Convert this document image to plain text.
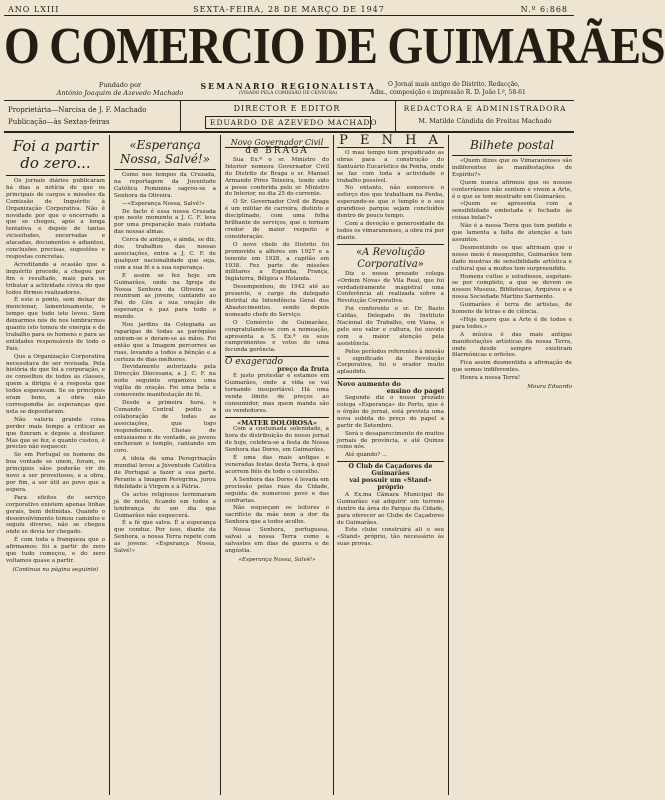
ANO LXIII	SEXTA-FEIRA, 28 DE MARÇO DE 1947	N.º 6:868
O COMERCIO DE GUIMARÃES
Fundado por
António Joaquim de Azevedo Machado
SEMANARIO REGIONALISTA
(VISADO PELA COMISSÃO DE CENSURA)
O Jornal mais antigo do Distrito. Redacção,
Adm., composição e impressão R. D. João I.º, 58-61
Proprietária—Narcisa de J. F. Machado
Publicação—às Sextas-feiras
DIRECTOR E EDITOR
EDUARDO DE AZEVEDO MACHADO
REDACTORA E ADMINISTRADORA
M. Matilde Cândida de Freitas Machado
Foi a partir
do zero...

Os jornais diários publicaram há dias a notícia de que os principais de cargos e missões da Comissão de Inquérito à Organização Corporativa. Não é novidade por que o encerrado a que se chegou, após a longa tentativa e depois de tantas vicissitudes, encerradas e atacadas, documentos e adiantou, conclusões precisas, sugestões e respostas concretas.

Acreditando a ocasião que a inquérito procede, a chegou por fim o resultado, mais para se tributar a actividade cívica do que todos fôrmos realizadores.

É este o ponto, sem deixar de mencionar, lamentosamente, o tempo que tudo isto levou. Sem deixarmos nós de nos lembrarmos quanto isto tomou de energia e de trabalho para os homens e para as entidades responsáveis de todo o País.

Que a Organização Corporativa necessitava de ser revisada. Pela história do que foi a corporação, e os conselhos de todos as classes, quem a dirigia é a resposta que todos esperavam. Se os princípios eram bons, a obra não correspondia às esperanças que nela se depositaram.

Não valeria grande coisa perder mais tempo a criticar as que fizeram e depois a desfazer. Mas que se fez, e quanto custou, é preciso não esquecer.

Se em Portugal os homens de boa vontade se unem, foram, os princípios sãos poderão vir de novo a ser proveitosos, e a obra, por fim, a ser útil ao povo que a espera.

Para efeitos de serviço corporativo existem apenas linhas gerais, bem definidas. Quando o desenvolvimento tomou caminho e seguiu diverso, não se chegou onde se devia ter chegado.

É com toda a franqueza que o afirmamos: foi a partir do zero que tudo começou, e do zero voltamos quase a partir.

(Continua na página seguinte)
«Esperança Nossa, Salvé!»

Como nos tempos da Cruzada, na reportagem da Juventude Católica Feminina sagrou-se a Senhora da Oliveira.

—«Esperança Nossa, Salvé!»

De facto é essa nossa Cruzada que neste momento a J. C. F. leva por uma preparação mais cuidada das nossas almas.

Cerca de antigos, e ainda, se diz, dos trabalhos das nossas associações, entra a J. C. F. de qualquer nacionalidade que seja, com a sua fé e a sua esperança.

E assim se fez hoje em Guimarães, onde na Igreja de Nossa Senhora da Oliveira se reuniram as jovens, cantando ao Pai do Céu a sua oração de esperança e paz para todo o mundo.

Nos jardins da Colegiada as raparigas de todas as paróquias uniram-se e deram-se as mãos. Foi então que a Imagem percorreu as ruas, levando a todos a bênção e a certeza de dias melhores.

Devidamente autorizada pela Direcção Diocesana, a J. C. F. na noite seguinte organizou uma vigília de oração. Foi uma bela e comovente manifestação de fé.

Desde a primeira hora, o Comando Central pediu a colaboração de todas as associações, que logo responderam. Cheias de entusiasmo e de vontade, as jovens encheram o templo, cantando em coro.

A ideia de uma Peregrinação mundial levou a Juventude Católica de Portugal a fazer a sua parte. Perante a Imagem Peregrina, jurou fidelidade à Virgem e à Pátria.

Os actos religiosos terminaram já de noite, ficando em todos a lembrança de um dia que Guimarães não esquecerá.

É a fé que salva. É a esperança que conduz. Por isso, diante da Senhora, a nossa Terra repete com as jovens: «Esperança Nossa, Salvé!»

Novo Governador Civil
de BRAGA

Sua Ex.ª o sr. Ministro do Interior nomeou Governador Civil do Distrito de Braga o sr. Manuel Armando Pires Teixeira, tendo sido a posse conferida pelo sr. Ministro do Interior, no dia 25 do corrente.

O Sr. Governador Civil de Braga é um militar de carreira, distinto e disciplinado, com uma folha brilhante de serviços, que o tornam credor do maior respeito e consideração.

O novo chefe do Distrito foi promovido a alferes em 1927 e a tenente em 1928, a capitão em 1938. Fez parte de missões militares a Espanha, França, Inglaterra, Bélgica e Holanda.

Desempenhou, de 1942 até ao presente, o cargo de delegado distrital da Intendência Geral dos Abastecimentos, sendo depois nomeado chefe do Serviço.

O Comércio de Guimarães, congratulando-se com a nomeação, apresenta a S. Ex.ª os seus cumprimentos e votos de uma fecunda gerência.

O exagerado
preço da fruta

É justo protestar e estamos em Guimarães, onde a vida se vai tornando insuportável. Há uma venda limite de preços ao consumidor, mas quem manda são os vendedores.

«MATER DOLOROSA»

Com a costumada solenidade, a hora de distribuição do nosso jornal de hoje, celebra-se a festa de Nossa Senhora das Dores, em Guimarães.

É uma das mais antigas e veneradas festas desta Terra, à qual acorrem fiéis de todo o concelho.

A Senhora das Dores é levada em procissão pelas ruas da Cidade, seguida de numeroso povo e das confrarias.

Não esqueçam os leitores o sacrifício da mãe nem a dor da Senhora que a todos acolhe.

Nossa Senhora, portuguesa, salvai a nossa Terra como a salvastes em dias de guerra e de angústia.

«Esperança Nossa, Salvé!»
P E N H A

O mau tempo tem prejudicado as obras para a construção do Santuário Eucarístico da Penha, onde se faz com toda a actividade o trabalho possível.

No entanto, não esmorece o esforço dos que trabalham na Penha, esperando-se que o templo e o seu grandioso parque sejam concluídos dentro de pouco tempo.

Com a devoção e generosidade de todos os vimaranenses, a obra irá por diante.

«A Revolução Corporativa»

Diz o nosso prezado colega «Ordem Nova» de Vila Real, que foi verdadeiramente magistral uma Conferência ali realizada sobre a Revolução Corporativa.

Foi conferente o sr. Dr. Basto Caldas, Delegado do Instituto Nacional do Trabalho, em Viana, e pelo seu valor e cultura, foi ouvido com a maior atenção pela assistência.

Pelos períodos referentes à missão e significado da Revolução Corporativa, foi o orador muito aplaudido.

Novo aumento do
ensino do pagel

Segundo diz o nosso prezado colega «Esperança» do Porto, que é o órgão do jornal, está prevista uma nova subida do preço do papel a partir de Setembro.

Será o desaparecimento de muitos jornais de província, e até Quinze como nós.

Até quando? ...

O Club de Caçadores de Guimarães
vai possuir um «Stand» próprio

A Ex.ma Câmara Municipal de Guimarães vai adquirir um terreno dentro da área do Parque da Cidade, para oferecer ao Clube de Caçadores de Guimarães.

Este clube construirá ali o seu «Stand» próprio, tão necessário às suas provas.

Bilhete postal

«Quem dizes que os Vimaranenses são indiferentes às manifestações de Espírito?»

Quem nunca afirmou que os nossos conterrâneos não sentem e vivem a Arte, é o que se tem mostrado em Guimarães.

«Quem se apresenta com a sensibilidade embotada e fechado às coisas belas?»

Não é a nossa Terra que tem pedido e que lamenta a falta de atenção a tais assuntos.

Desmentindo os que afirmam que o nosso meio é mesquinho, Guimarães tem dado mostras de sensibilidade artística e cultural que a muitos tem surpreendido.

Homens cultos e estudiosos, esgotam-se por completo, a que se devem os nossos Museus, Bibliotecas, Arquivos e a nossa Sociedade Martins Sarmento.

Guimarães é terra de artistas, de homens de letras e de ciência.

«Hoje quero que a Arte é de todos e para todos.»

A música é das mais antigas manifestações artísticas da nossa Terra, onde desde sempre existiram filarmónicas e orfeões.

Fica assim desmentida a afirmação de que somos indiferentes.

Honra a nossa Terra!

Moura Eduardo
